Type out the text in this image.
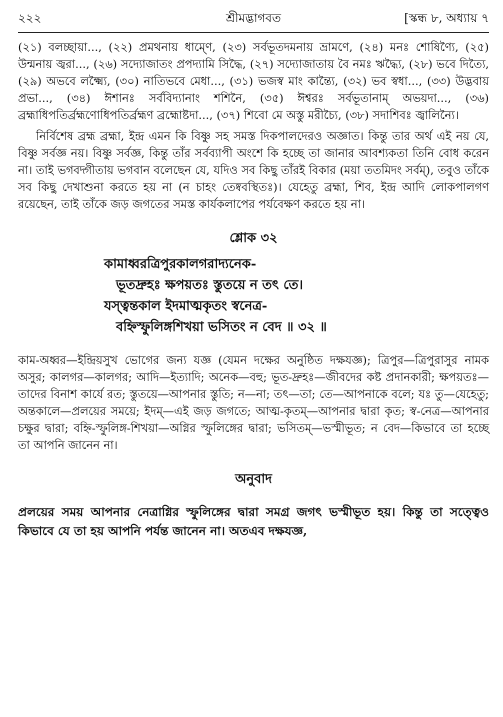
২২২	শ্রীমদ্ভাগবত	[স্কন্ধ ৮, অধ্যায় ৭

(২১) বলচ্ছায়া..., (২২) প্রমথনায় ধাম্ণে, (২৩) সর্বভূতদমনায় ভ্রামণে, (২৪) মনঃ শোষিণ্যৈ, (২৫) উন্মনায় জ্বরা..., (২৬) সদ্যোজাতং প্রপদ্যামি সিদ্ধৈ, (২৭) সদ্যোজাতায় বৈ নমঃ ঋদ্ধ্যৈ, (২৮) ভবে দিত্যৈ, (২৯) অভবে লক্ষ্ম্যৈ, (৩০) নাতিভবে মেধা..., (৩১) ভজস্ব মাং কান্ত্যৈ, (৩২) ভব স্বধা..., (৩৩) উদ্ভবায় প্রভা..., (৩৪) ঈশানঃ সর্ববিদ্যানাং শশিনৈ, (৩৫) ঈশ্বরঃ সর্বভূতানাম্ অভয়দা..., (৩৬) ব্রহ্মাধিপতির্ব্রহ্মণোধিপতির্ব্রহ্মণ ব্রহ্মোষ্টদা..., (৩৭) শিবো মে অস্তু মরীচ্যৈ, (৩৮) সদাশিবঃ জ্বালিন্যৈ।

নির্বিশেষ ব্রহ্ম ব্রহ্মা, ইন্দ্র এমন কি বিষ্ণু সহ সমস্ত দিকপালদেরও অজ্ঞাত। কিন্তু তার অর্থ এই নয় যে, বিষ্ণু সর্বজ্ঞ নয়। বিষ্ণু সর্বজ্ঞ, কিন্তু তাঁর সর্বব্যাপী অংশে কি হচ্ছে তা জানার আবশ্যকতা তিনি বোধ করেন না। তাই ভগবদ্গীতায় ভগবান বলেছেন যে, যদিও সব কিছু তাঁরই বিকার (ময়া ততমিদং সর্বম্), তবুও তাঁকে সব কিছু দেখাশুনা করতে হয় না (ন চাহং তেষ্ববস্থিতঃ)। যেহেতু ব্রহ্মা, শিব, ইন্দ্র আদি লোকপালগণ রয়েছেন, তাই তাঁকে জড় জগতের সমস্ত কার্যকলাপের পর্যবেক্ষণ করতে হয় না।

শ্লোক ৩২
কামাধ্বরত্রিপুরকালগরাদ্যনেক-
ভূতদ্রুহঃ ক্ষপয়তঃ স্তুতয়ে ন তৎ তে।
যস্ত্বন্তকাল ইদমাত্মকৃতং স্বনেত্র-
বহ্নিস্ফুলিঙ্গশিখয়া ভসিতং ন বেদ ॥ ৩২ ॥

কাম-অধ্বর—ইন্দ্রিয়সুখ ভোগের জন্য যজ্ঞ (যেমন দক্ষের অনুষ্ঠিত দক্ষযজ্ঞ); ত্রিপুর—ত্রিপুরাসুর নামক অসুর; কালগর—কালগর; আদি—ইত্যাদি; অনেক—বহু; ভূত-দ্রুহঃ—জীবদের কষ্ট প্রদানকারী; ক্ষপয়তঃ—তাদের বিনাশ কার্যে রত; স্তুতয়ে—আপনার স্তুতি; ন—না; তৎ—তা; তে—আপনাকে বলে; যঃ তু—যেহেতু; অন্তকালে—প্রলয়ের সময়ে; ইদম্—এই জড় জগতে; আত্ম-কৃতম্—আপনার দ্বারা কৃত; স্ব-নেত্র—আপনার চক্ষুর দ্বারা; বহ্নি-স্ফুলিঙ্গ-শিখয়া—অগ্নির স্ফুলিঙ্গের দ্বারা; ভসিতম্—ভস্মীভূত; ন বেদ—কিভাবে তা হচ্ছে তা আপনি জানেন না।

অনুবাদ

প্রলয়ের সময় আপনার নেত্রাগ্নির স্ফুলিঙ্গের দ্বারা সমগ্র জগৎ ভস্মীভূত হয়। কিন্তু তা সত্ত্বেও কিভাবে যে তা হয় আপনি পর্যন্ত জানেন না। অতএব দক্ষযজ্ঞ,
